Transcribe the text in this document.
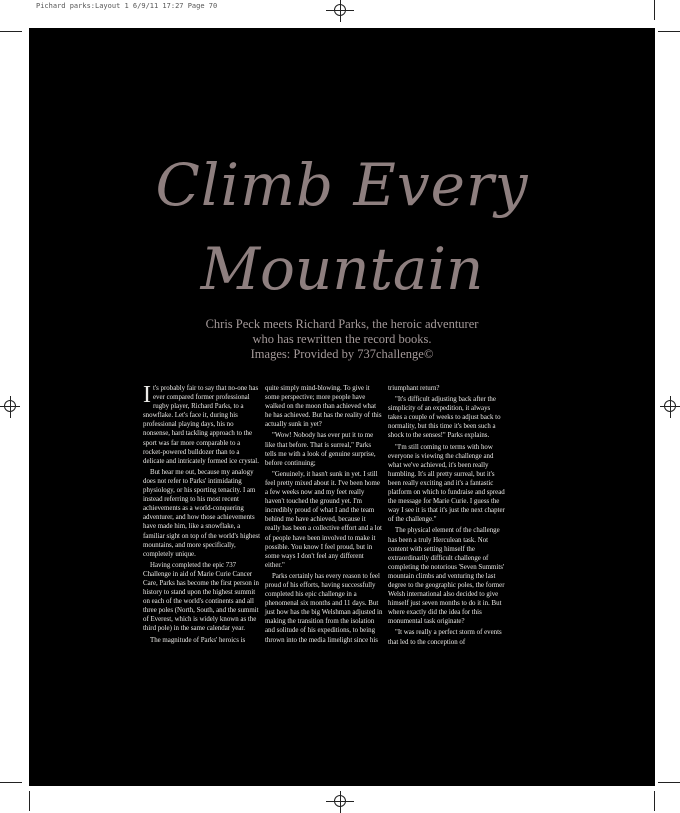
Pichard parks:Layout 1 6/9/11 17:27 Page 70
Climb Every
Mountain
Chris Peck meets Richard Parks, the heroic adventurer
who has rewritten the record books.
Images: Provided by 737challenge©

It's probably fair to say that no-one has ever compared former professional rugby player, Richard Parks, to a snowflake. Let's face it, during his professional playing days, his no nonsense, hard tackling approach to the sport was far more comparable to a rocket-powered bulldozer than to a delicate and intricately formed ice crystal.

But hear me out, because my analogy does not refer to Parks' intimidating physiology, or his sporting tenacity. I am instead referring to his most recent achievements as a world-conquering adventurer, and how those achievements have made him, like a snowflake, a familiar sight on top of the world's highest mountains, and more specifically, completely unique.

Having completed the epic 737 Challenge in aid of Marie Curie Cancer Care, Parks has become the first person in history to stand upon the highest summit on each of the world's continents and all three poles (North, South, and the summit of Everest, which is widely known as the third pole) in the same calendar year.

The magnitude of Parks' heroics is

quite simply mind-blowing. To give it some perspective; more people have walked on the moon than achieved what he has achieved. But has the reality of this actually sunk in yet?

"Wow! Nobody has ever put it to me like that before. That is surreal," Parks tells me with a look of genuine surprise, before continuing;

"Genuinely, it hasn't sunk in yet. I still feel pretty mixed about it. I've been home a few weeks now and my feet really haven't touched the ground yet. I'm incredibly proud of what I and the team behind me have achieved, because it really has been a collective effort and a lot of people have been involved to make it possible. You know I feel proud, but in some ways I don't feel any different either."

Parks certainly has every reason to feel proud of his efforts, having successfully completed his epic challenge in a phenomenal six months and 11 days. But just how has the big Welshman adjusted in making the transition from the isolation and solitude of his expeditions, to being thrown into the media limelight since his

triumphant return?

"It's difficult adjusting back after the simplicity of an expedition, it always takes a couple of weeks to adjust back to normality, but this time it's been such a shock to the senses!" Parks explains.

"I'm still coming to terms with how everyone is viewing the challenge and what we've achieved, it's been really humbling. It's all pretty surreal, but it's been really exciting and it's a fantastic platform on which to fundraise and spread the message for Marie Curie. I guess the way I see it is that it's just the next chapter of the challenge."

The physical element of the challenge has been a truly Herculean task. Not content with setting himself the extraordinarily difficult challenge of completing the notorious 'Seven Summits' mountain climbs and venturing the last degree to the geographic poles, the former Welsh international also decided to give himself just seven months to do it in. But where exactly did the idea for this monumental task originate?

"It was really a perfect storm of events that led to the conception of
